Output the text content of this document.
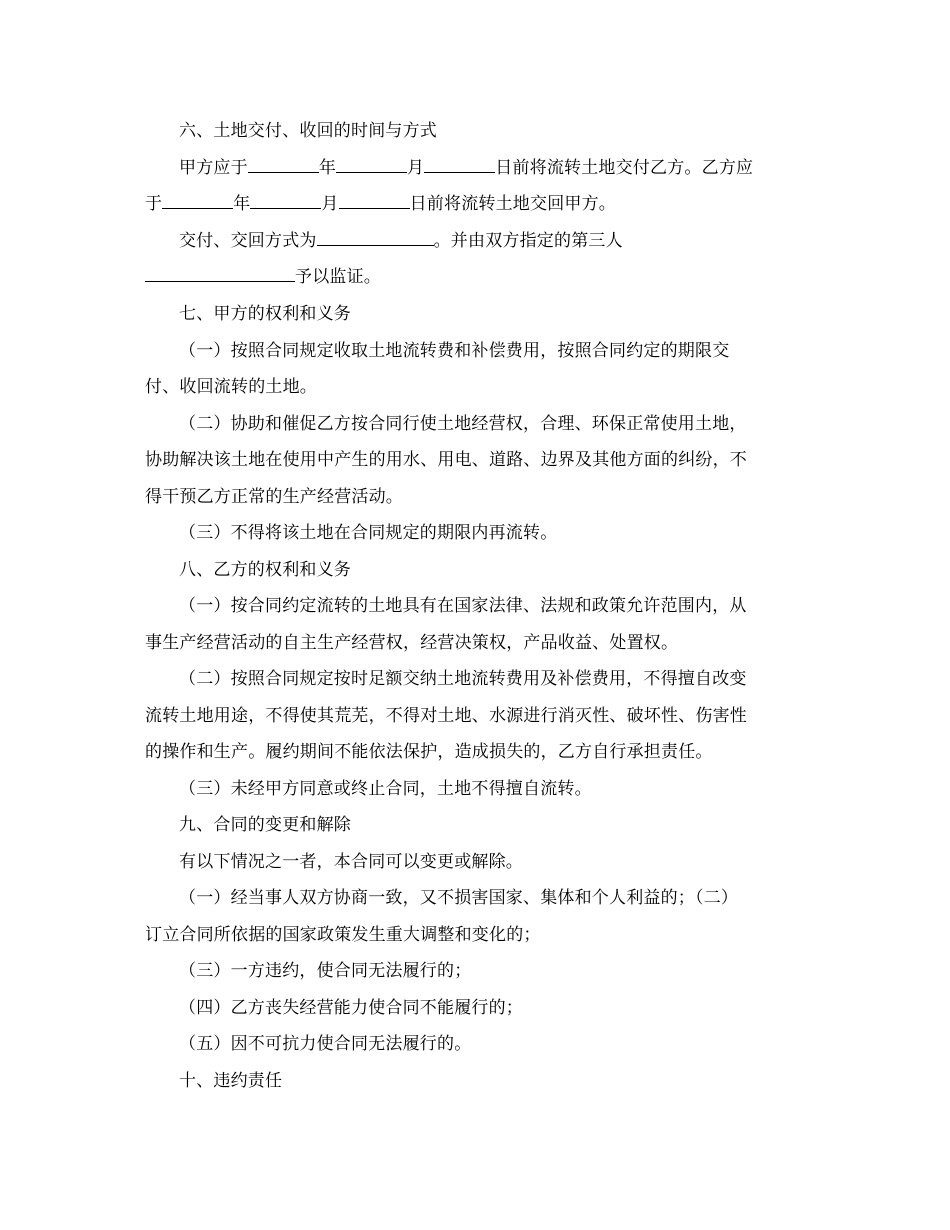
六、土地交付、收回的时间与方式
甲方应于	年	月	日前将流转土地交付乙方。乙方应
于	年	月	日前将流转土地交回甲方。
交付、交回方式为	。并由双方指定的第三人
予以监证。
七、甲方的权利和义务
（一）按照合同规定收取土地流转费和补偿费用，按照合同约定的期限交
付、收回流转的土地。
（二）协助和催促乙方按合同行使土地经营权，合理、环保正常使用土地，
协助解决该土地在使用中产生的用水、用电、道路、边界及其他方面的纠纷，不
得干预乙方正常的生产经营活动。
（三）不得将该土地在合同规定的期限内再流转。
八、乙方的权利和义务
（一）按合同约定流转的土地具有在国家法律、法规和政策允许范围内，从
事生产经营活动的自主生产经营权，经营决策权，产品收益、处置权。
（二）按照合同规定按时足额交纳土地流转费用及补偿费用，不得擅自改变
流转土地用途，不得使其荒芜，不得对土地、水源进行消灭性、破坏性、伤害性
的操作和生产。履约期间不能依法保护，造成损失的，乙方自行承担责任。
（三）未经甲方同意或终止合同，土地不得擅自流转。
九、合同的变更和解除
有以下情况之一者，本合同可以变更或解除。
（一）经当事人双方协商一致，又不损害国家、集体和个人利益的；（二）
订立合同所依据的国家政策发生重大调整和变化的；
（三）一方违约，使合同无法履行的；
（四）乙方丧失经营能力使合同不能履行的；
（五）因不可抗力使合同无法履行的。
十、违约责任
